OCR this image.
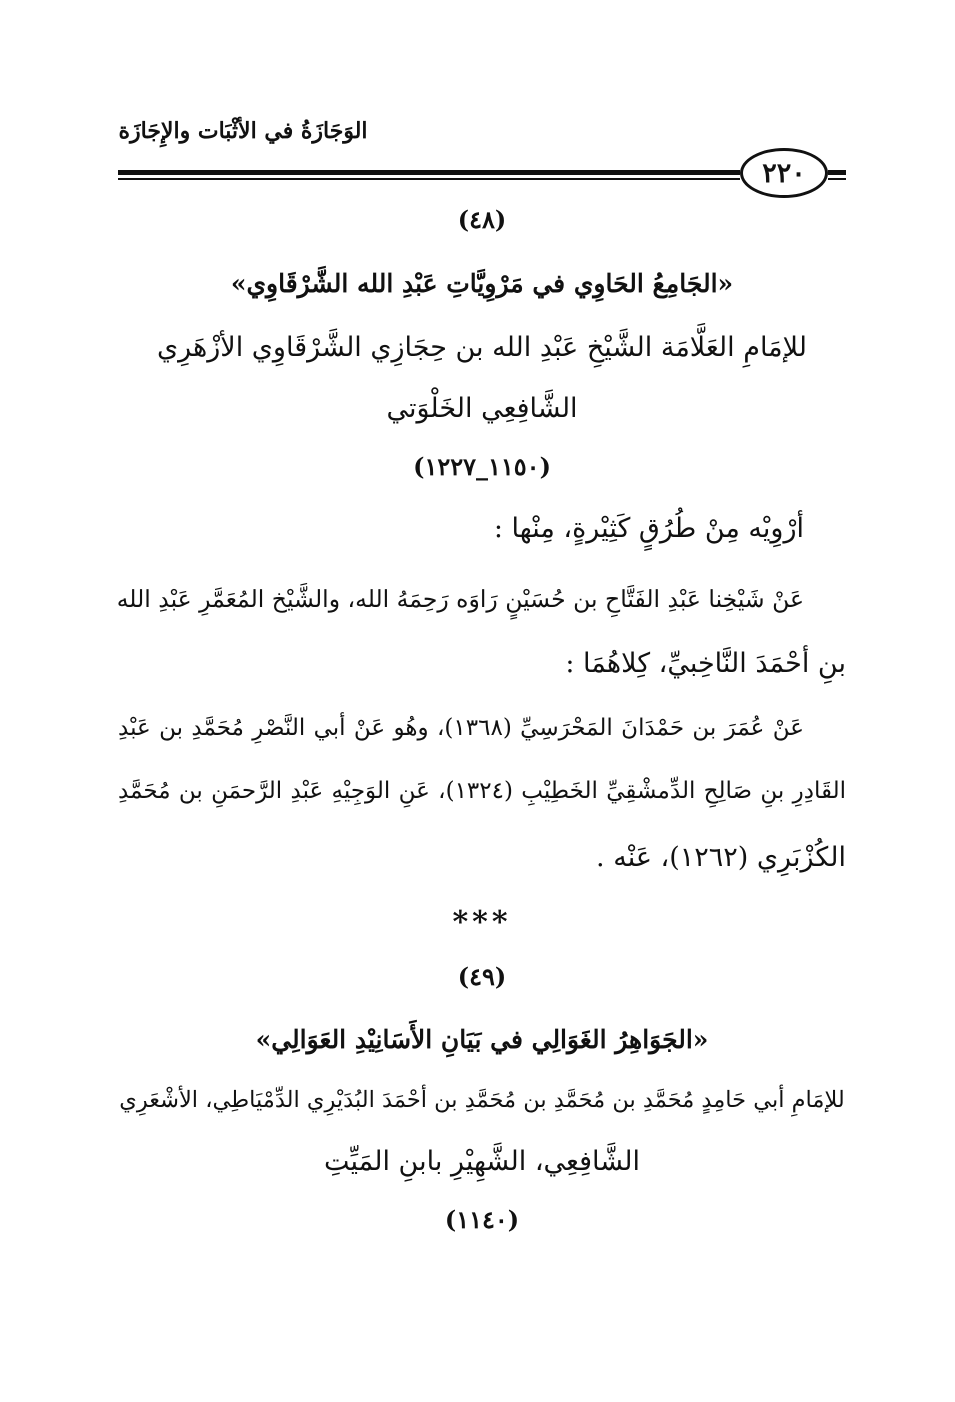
الوَجَازَةُ في الأثْبَات والإِجَازَة
٢٢٠
(٤٨)
«الجَامِعُ الحَاوِي في مَرْوِيَّاتِ عَبْدِ الله الشَّرْقَاوِي»
للإمَامِ العَلَّامَة الشَّيْخِ عَبْدِ الله بن حِجَازِي الشَّرْقَاوِي الأزْهَرِي
الشَّافِعِي الخَلْوَتي
(١١٥٠_١٢٢٧)
أرْوِيْه مِنْ طُرُقٍ كَثِيْرةٍ، مِنْها :
عَنْ شَيْخِنا عَبْدِ الفَتَّاحِ بن حُسَيْنٍ رَاوَه رَحِمَهُ الله، والشَّيْخ المُعَمَّرِ عَبْدِ الله
بنِ أحْمَدَ النَّاخِبيِّ، كِلاهُمَا :
عَنْ عُمَرَ بن حَمْدَانَ المَحْرَسِيِّ (١٣٦٨)، وهُو عَنْ أبي النَّصْرِ مُحَمَّدِ بن عَبْدِ
القَادِرِ بنِ صَالِحِ الدِّمشْقِيِّ الخَطِيْبِ (١٣٢٤)، عَنِ الوَجِيْهِ عَبْدِ الرَّحمَنِ بن مُحَمَّدِ
الكُزْبَرِي (١٢٦٢)، عَنْه .
***
(٤٩)
«الجَوَاهِرُ الغَوَالِي في بَيَانِ الأَسَانِيْدِ العَوَالِي»
للإمَامِ أبي حَامِدٍ مُحَمَّدِ بن مُحَمَّدِ بن مُحَمَّدِ بن أحْمَدَ البُدَيْرِي الدِّمْيَاطِي، الأشْعَرِي
الشَّافِعِي، الشَّهِيْرِ بابنِ المَيِّتِ
(١١٤٠)
